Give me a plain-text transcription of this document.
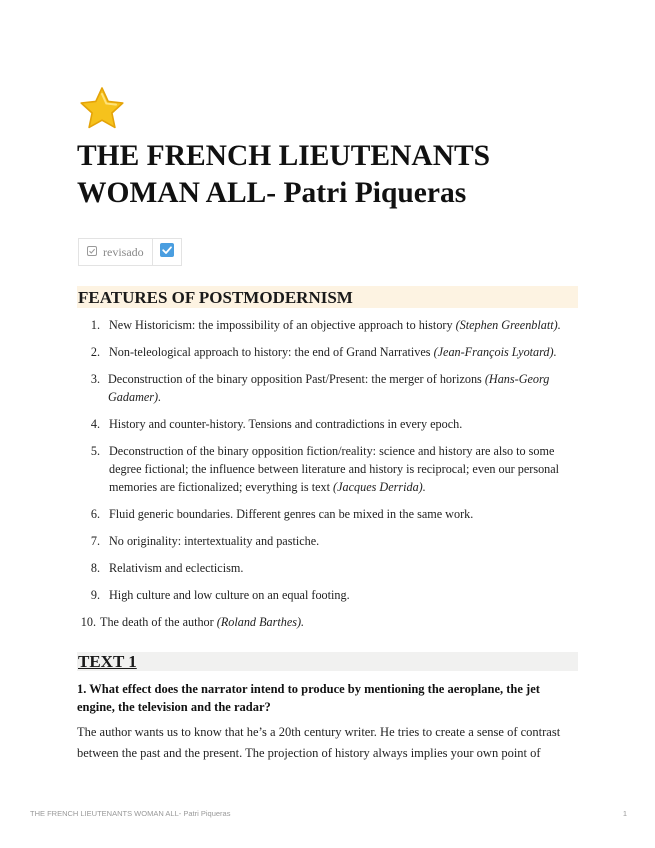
THE FRENCH LIEUTENANTS WOMAN ALL- Patri Piqueras
revisado
FEATURES OF POSTMODERNISM
1. New Historicism: the impossibility of an objective approach to history (Stephen Greenblatt).
2. Non-teleological approach to history: the end of Grand Narratives (Jean-François Lyotard).
3. Deconstruction of the binary opposition Past/Present: the merger of horizons (Hans-Georg Gadamer).
4. History and counter-history. Tensions and contradictions in every epoch.
5. Deconstruction of the binary opposition fiction/reality: science and history are also to some degree fictional; the influence between literature and history is reciprocal; even our personal memories are fictionalized; everything is text (Jacques Derrida).
6. Fluid generic boundaries. Different genres can be mixed in the same work.
7. No originality: intertextuality and pastiche.
8. Relativism and eclecticism.
9. High culture and low culture on an equal footing.
10. The death of the author (Roland Barthes).
TEXT 1

1. What effect does the narrator intend to produce by mentioning the aeroplane, the jet engine, the television and the radar?

The author wants us to know that he’s a 20th century writer. He tries to create a sense of contrast between the past and the present. The projection of history always implies your own point of

THE FRENCH LIEUTENANTS WOMAN ALL- Patri Piqueras	1
